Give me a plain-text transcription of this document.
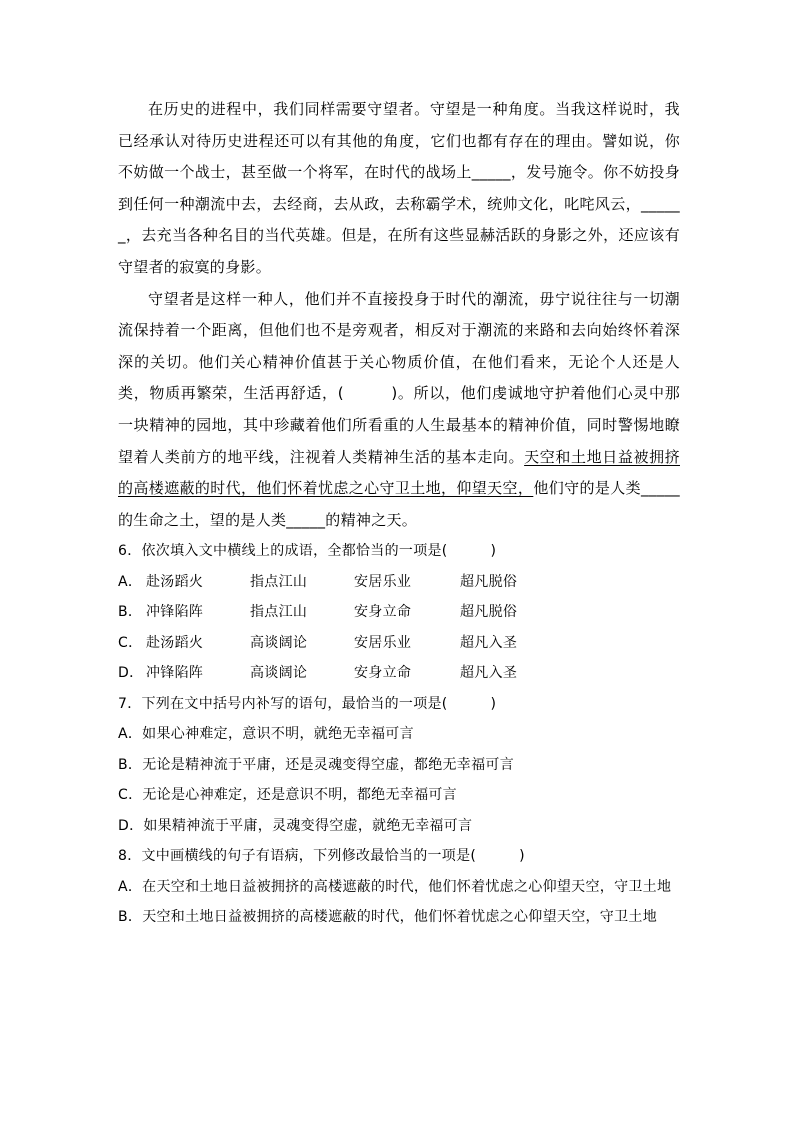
在历史的进程中，我们同样需要守望者。守望是一种角度。当我这样说时，我已经承认对待历史进程还可以有其他的角度，它们也都有存在的理由。譬如说，你不妨做一个战士，甚至做一个将军，在时代的战场上_____，发号施令。你不妨投身到任何一种潮流中去，去经商，去从政，去称霸学术，统帅文化，叱咤风云，______，去充当各种名目的当代英雄。但是，在所有这些显赫活跃的身影之外，还应该有守望者的寂寞的身影。

守望者是这样一种人，他们并不直接投身于时代的潮流，毋宁说往往与一切潮流保持着一个距离，但他们也不是旁观者，相反对于潮流的来路和去向始终怀着深深的关切。他们关心精神价值甚于关心物质价值，在他们看来，无论个人还是人类，物质再繁荣，生活再舒适，(　　　)。所以，他们虔诚地守护着他们心灵中那一块精神的园地，其中珍藏着他们所看重的人生最基本的精神价值，同时警惕地瞭望着人类前方的地平线，注视着人类精神生活的基本走向。天空和土地日益被拥挤的高楼遮蔽的时代，他们怀着忧虑之心守卫土地，仰望天空，他们守的是人类_____的生命之土，望的是人类_____的精神之天。

6．依次填入文中横线上的成语，全都恰当的一项是(　　　)

A． 赴汤蹈火	指点江山	安居乐业	超凡脱俗
B． 冲锋陷阵	指点江山	安身立命	超凡脱俗
C． 赴汤蹈火	高谈阔论	安居乐业	超凡入圣
D． 冲锋陷阵	高谈阔论	安身立命	超凡入圣

7．下列在文中括号内补写的语句，最恰当的一项是(　　　)

A．如果心神难定，意识不明，就绝无幸福可言

B．无论是精神流于平庸，还是灵魂变得空虚，都绝无幸福可言

C．无论是心神难定，还是意识不明，都绝无幸福可言

D．如果精神流于平庸，灵魂变得空虚，就绝无幸福可言

8．文中画横线的句子有语病，下列修改最恰当的一项是(　　　)

A．在天空和土地日益被拥挤的高楼遮蔽的时代，他们怀着忧虑之心仰望天空，守卫土地

B．天空和土地日益被拥挤的高楼遮蔽的时代，他们怀着忧虑之心仰望天空，守卫土地
